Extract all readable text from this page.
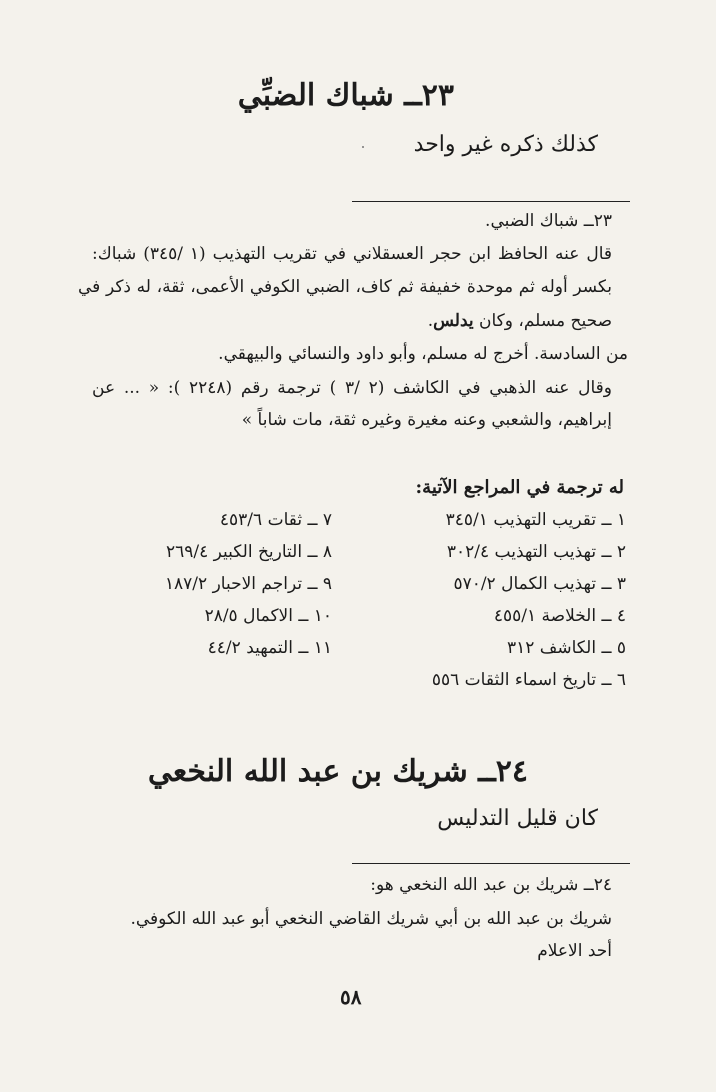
٢٣ــ شباك الضبِّي
كذلك ذكره غير واحد
٢٣ــ شباك الضبي.
قال عنه الحافظ ابن حجر العسقلاني في تقريب التهذيب (١ /٣٤٥) شباك:
بكسر أوله ثم موحدة خفيفة ثم كاف، الضبي الكوفي الأعمى، ثقة، له ذكر في
صحيح مسلم، وكان يدلس.
من السادسة. أخرج له مسلم، وأبو داود والنسائي والبيهقي.
وقال عنه الذهبي في الكاشف (٢ /٣ ) ترجمة رقم (٢٢٤٨ ): « ... عن
إبراهيم، والشعبي وعنه مغيرة وغيره ثقة، مات شاباً »
له ترجمة في المراجع الآتية:
١ ــ تقريب التهذيب ٣٤٥/١
٢ ــ تهذيب التهذيب ٣٠٢/٤
٣ ــ تهذيب الكمال ٥٧٠/٢
٤ ــ الخلاصة ٤٥٥/١
٥ ــ الكاشف ٣١٢
٦ ــ تاريخ اسماء الثقات ٥٥٦
٧ ــ ثقات ٤٥٣/٦
٨ ــ التاريخ الكبير ٢٦٩/٤
٩ ــ تراجم الاحبار ١٨٧/٢
١٠ ــ الاكمال ٢٨/٥
١١ ــ التمهيد ٤٤/٢
٢٤ــ شريك بن عبد الله النخعي
كان قليل التدليس
٢٤ــ شريك بن عبد الله النخعي هو:
شريك بن عبد الله بن أبي شريك القاضي النخعي أبو عبد الله الكوفي.
أحد الاعلام
٥٨
